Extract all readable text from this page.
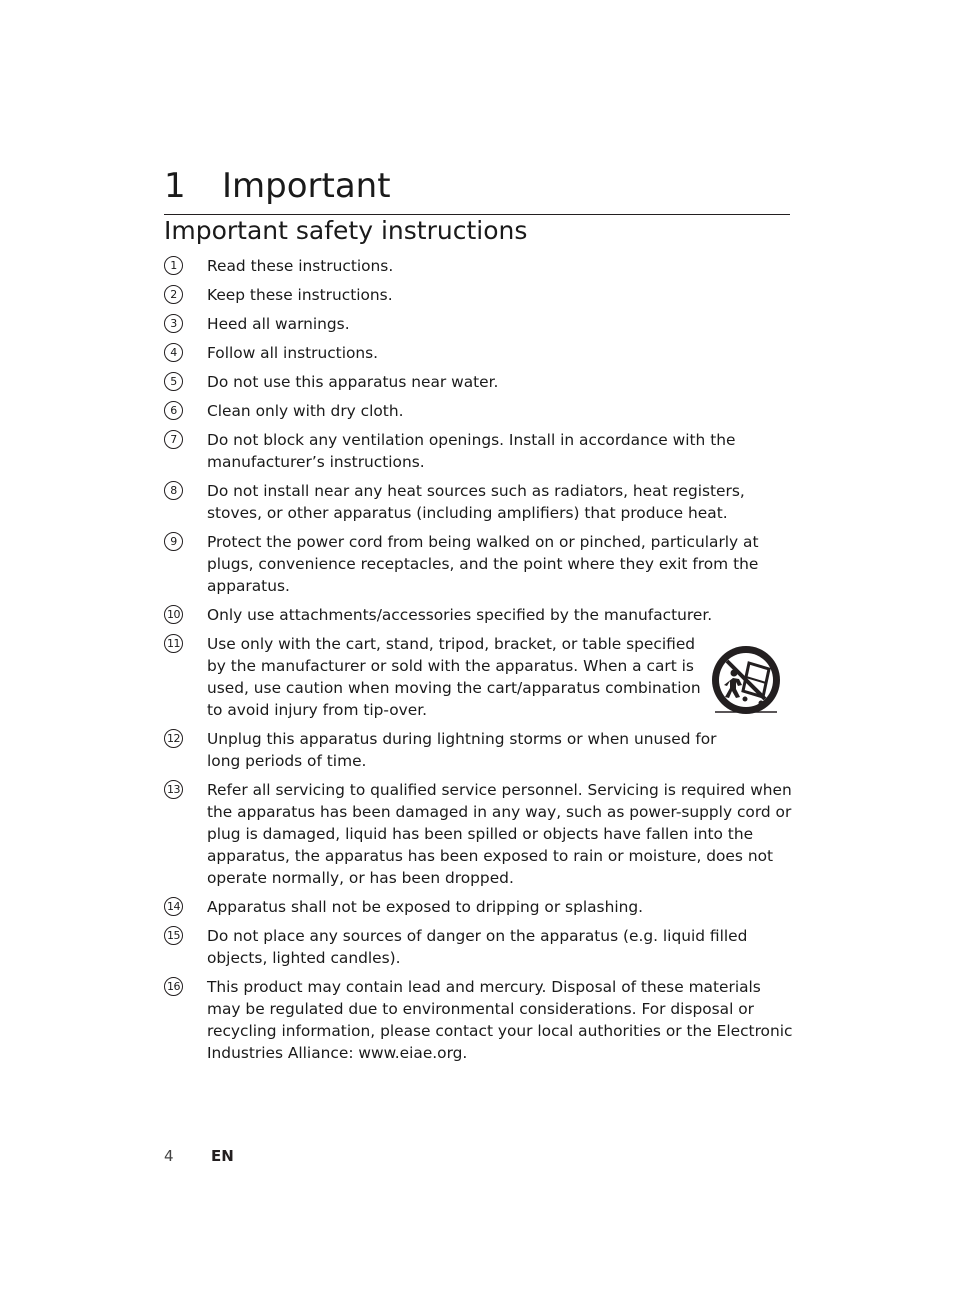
1 Important
Important safety instructions
1	Read these instructions.
2	Keep these instructions.
3	Heed all warnings.
4	Follow all instructions.
5	Do not use this apparatus near water.
6	Clean only with dry cloth.
7	Do not block any ventilation openings. Install in accordance with the manufacturer’s instructions.
8	Do not install near any heat sources such as radiators, heat registers, stoves, or other apparatus (including amplifiers) that produce heat.
9	Protect the power cord from being walked on or pinched, particularly at plugs, convenience receptacles, and the point where they exit from the apparatus.
10 Only use attachments/accessories specified by the manufacturer.
11 Use only with the cart, stand, tripod, bracket, or table specified by the manufacturer or sold with the apparatus. When a cart is used, use caution when moving the cart/apparatus combination to avoid injury from tip-over.
12 Unplug this apparatus during lightning storms or when unused for long periods of time.
13 Refer all servicing to qualified service personnel. Servicing is required when the apparatus has been damaged in any way, such as power-supply cord or plug is damaged, liquid has been spilled or objects have fallen into the apparatus, the apparatus has been exposed to rain or moisture, does not operate normally, or has been dropped.
14 Apparatus shall not be exposed to dripping or splashing.
15 Do not place any sources of danger on the apparatus (e.g. liquid filled objects, lighted candles).
16 This product may contain lead and mercury. Disposal of these materials may be regulated due to environmental considerations. For disposal or recycling information, please contact your local authorities or the Electronic Industries Alliance: www.eiae.org.
4 EN
